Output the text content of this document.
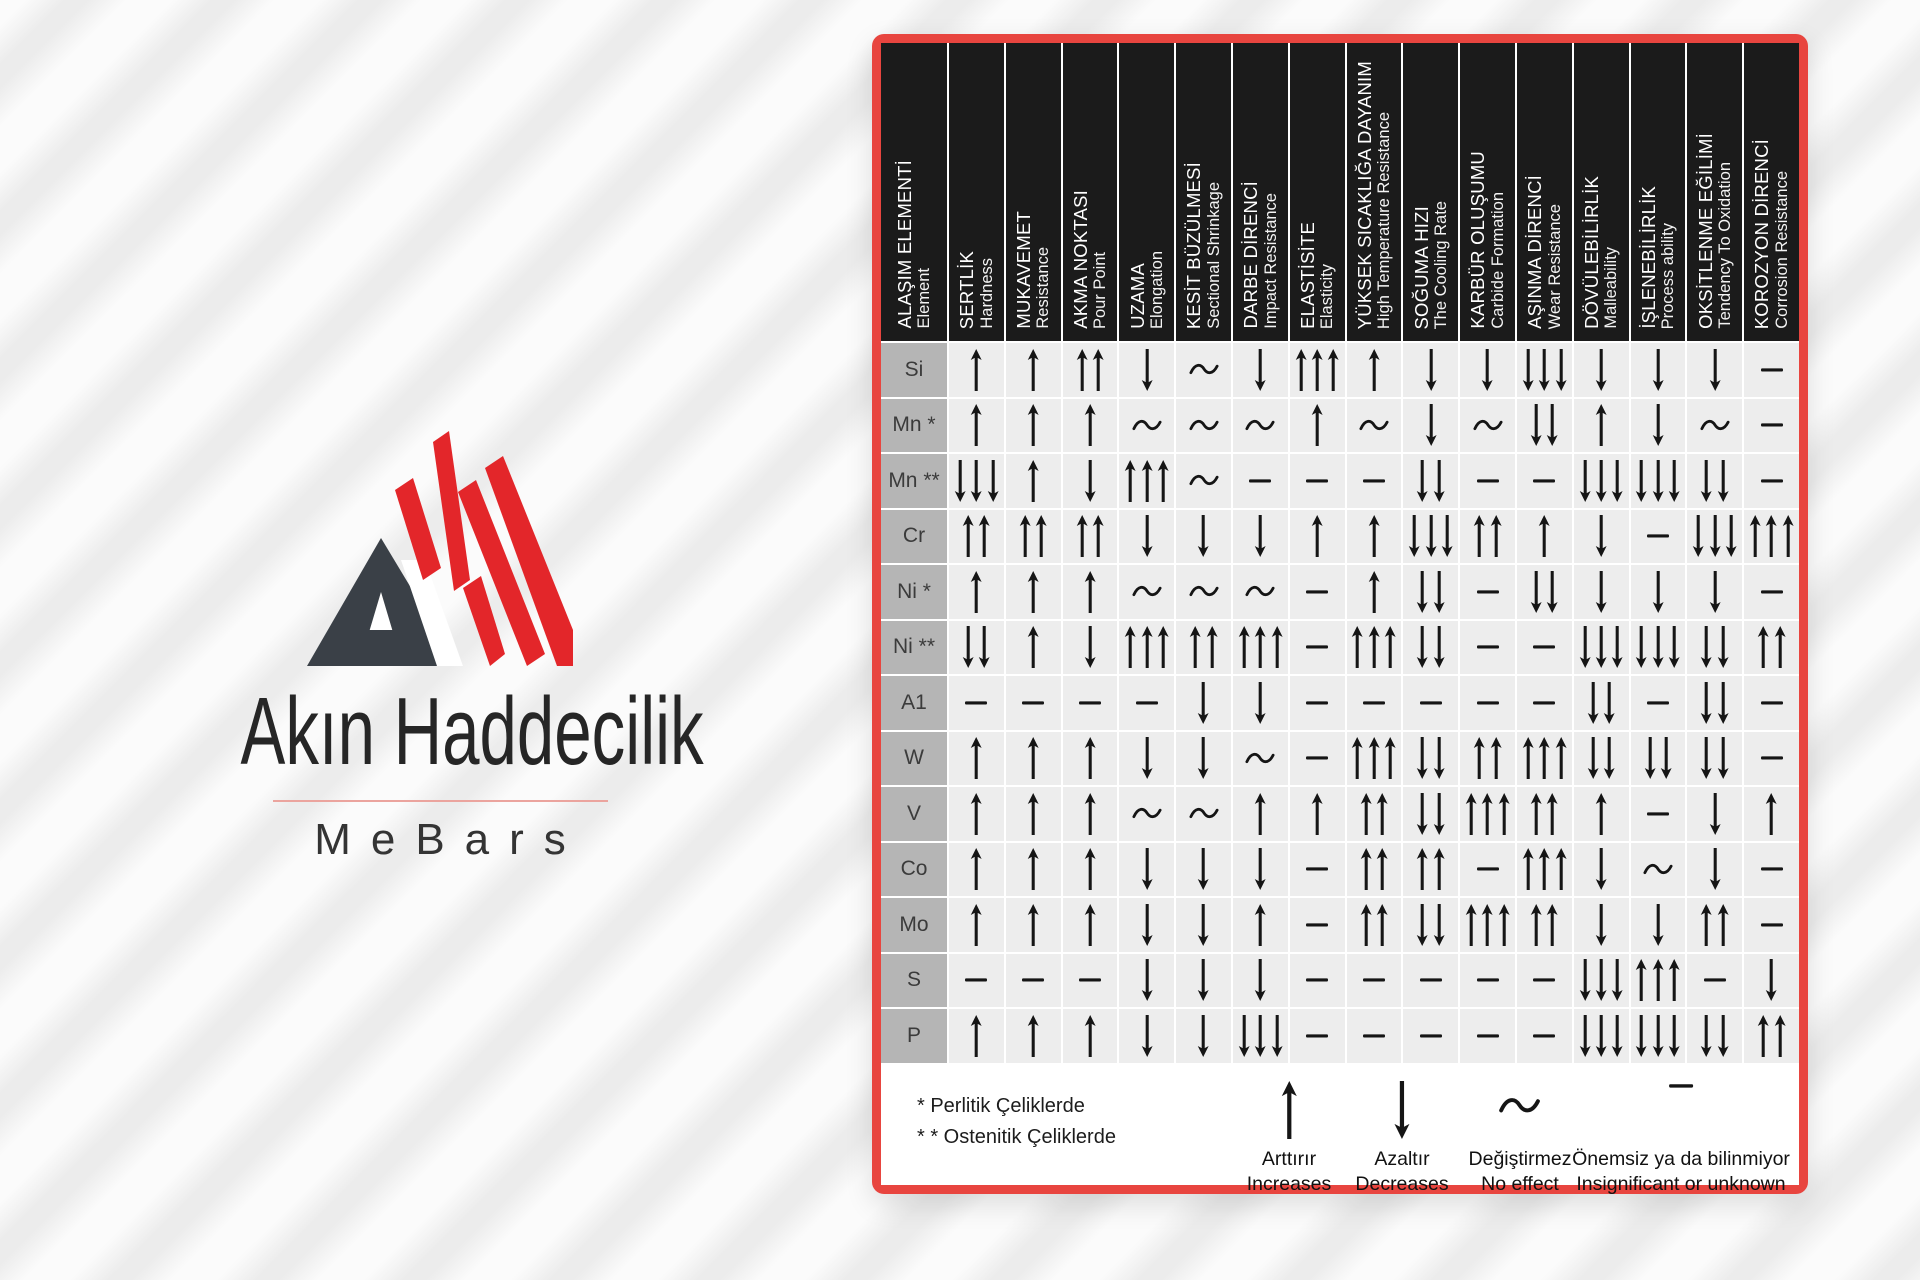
Akın Haddecilik
MeBars
ALAŞIM ELEMENTİ Element SERTLİK Hardness MUKAVEMET Resistance AKMA NOKTASI Pour Point UZAMA Elongation KESİT BÜZÜLMESİ Sectional Shrinkage DARBE DİRENCİ Impact Resistance ELASTİSİTE Elasticity YÜKSEK SICAKLIĞA DAYANIM High Temperature Resistance SOĞUMA HIZI The Cooling Rate KARBÜR OLUŞUMU Carbide Formation AŞINMA DİRENCİ Wear Resistance DÖVÜLEBİLİRLİK Malleability İŞLENEBİLİRLİK Process ability OKSİTLENME EĞİLİMİ Tendency To Oxidation KOROZYON DİRENCİ Corrosion Resistance
Si
Mn *
Mn **
Cr
Ni *
Ni **
A1
W
V
Co
Mo
S
P
* Perlitik Çeliklerde
* * Ostenitik Çeliklerde
Arttırır
Increases
Azaltır
Decreases
Değiştirmez
No effect
Önemsiz ya da bilinmiyor
Insignificant or unknown
